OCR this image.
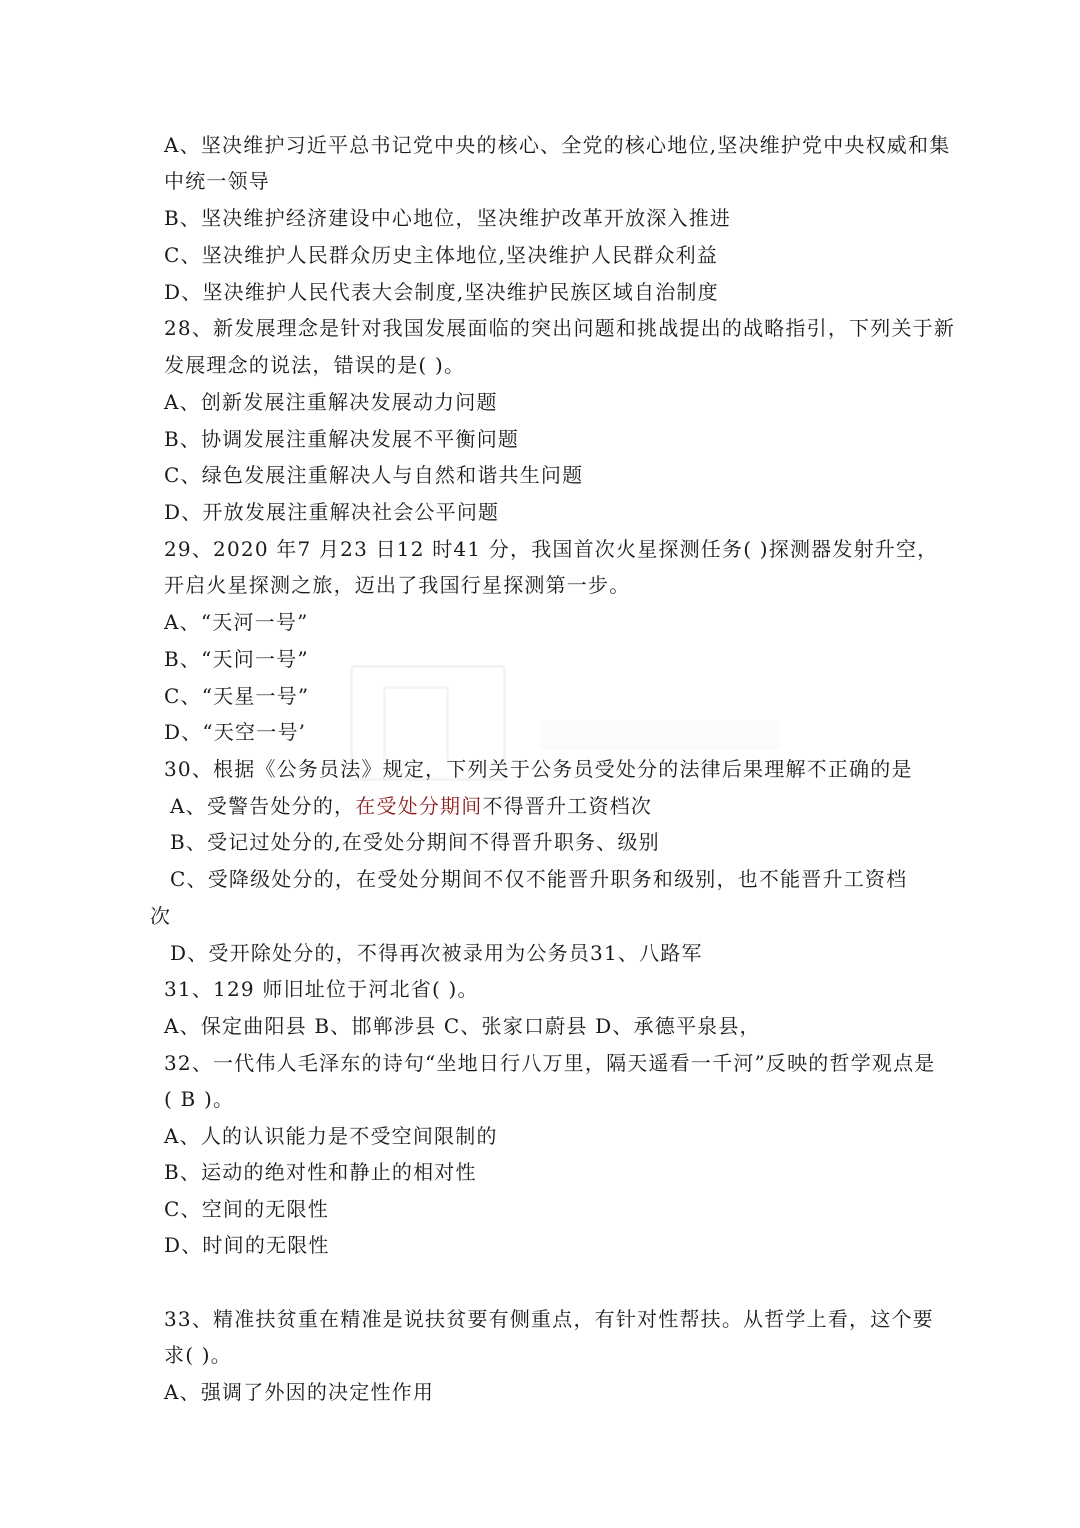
A、坚决维护习近平总书记党中央的核心、全党的核心地位,坚决维护党中央权威和集
中统一领导
B、坚决维护经济建设中心地位，坚决维护改革开放深入推进
C、坚决维护人民群众历史主体地位,坚决维护人民群众利益
D、坚决维护人民代表大会制度,坚决维护民族区域自治制度
28、新发展理念是针对我国发展面临的突出问题和挑战提出的战略指引，下列关于新
发展理念的说法，错误的是( )。
A、创新发展注重解决发展动力问题
B、协调发展注重解决发展不平衡问题
C、绿色发展注重解决人与自然和谐共生问题
D、开放发展注重解决社会公平问题
29、2020 年7 月23 日12 时41 分，我国首次火星探测任务( )探测器发射升空，
开启火星探测之旅，迈出了我国行星探测第一步。
A、“天河一号”
B、“天问一号”
C、“天星一号”
D、“天空一号’
30、根据《公务员法》规定，下列关于公务员受处分的法律后果理解不正确的是
A、受警告处分的，在受处分期间不得晋升工资档次
B、受记过处分的,在受处分期间不得晋升职务、级别
C、受降级处分的，在受处分期间不仅不能晋升职务和级别，也不能晋升工资档
次
D、受开除处分的，不得再次被录用为公务员31、八路军
31、129 师旧址位于河北省( )。
A、保定曲阳县 B、邯郸涉县 C、张家口蔚县 D、承德平泉县，
32、一代伟人毛泽东的诗句“坐地日行八万里，隔天遥看一千河”反映的哲学观点是
( B )。
A、人的认识能力是不受空间限制的
B、运动的绝对性和静止的相对性
C、空间的无限性
D、时间的无限性
33、精准扶贫重在精准是说扶贫要有侧重点，有针对性帮扶。从哲学上看，这个要
求( )。
A、强调了外因的决定性作用
